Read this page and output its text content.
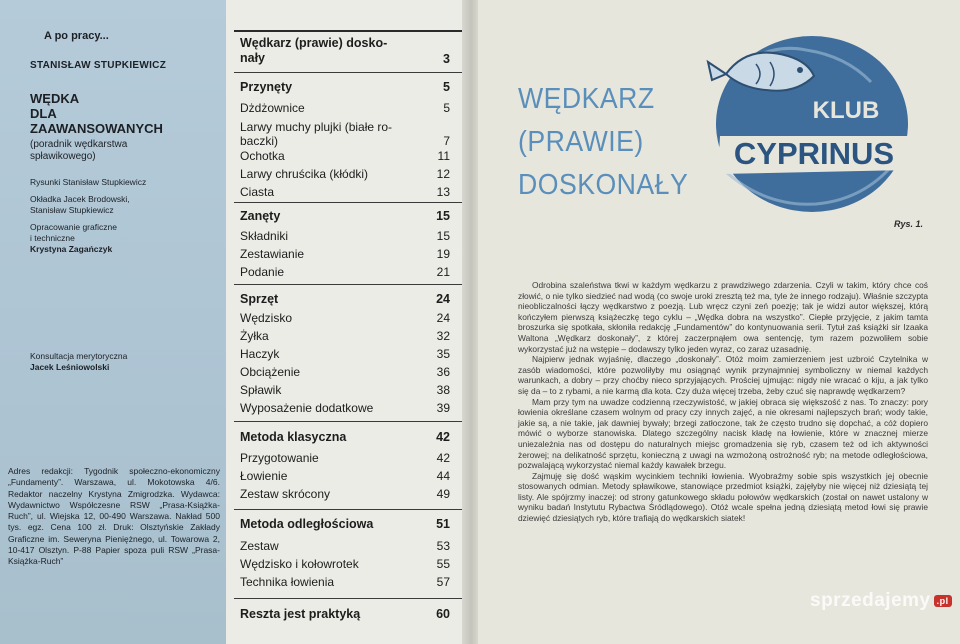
A po pracy...
STANISŁAW STUPKIEWICZ
WĘDKA
DLA
ZAAWANSOWANYCH
(poradnik wędkarstwa
spławikowego)
Rysunki Stanisław Stupkiewicz
Okładka Jacek Brodowski,
Stanisław Stupkiewicz
Opracowanie graficzne
i techniczne
Krystyna Zagańczyk
Konsultacja merytoryczna
Jacek Leśniowolski
Adres redakcji: Tygodnik społeczno-ekonomiczny „Fundamenty”. Warszawa, ul. Mokotowska 4/6. Redaktor naczelny Krystyna Zmigrodzka. Wydawca: Wydawnictwo Współczesne RSW „Prasa-Książka-Ruch”, ul. Wiejska 12, 00-490 Warszawa. Nakład 500 tys. egz. Cena 100 zł. Druk: Olsztyńskie Zakłady Graficzne im. Seweryna Pieniężnego, ul. Towarowa 2, 10-417 Olsztyn. P-88 Papier spoza puli RSW „Prasa-Książka-Ruch”
Wędkarz (prawie) dosko-
nały	3
Przynęty	5
Dżdżownice	5
Larwy muchy plujki (białe ro-
baczki)	7
Ochotka	11
Larwy chruścika (kłódki)	12
Ciasta	13
Zanęty	15
Składniki	15
Zestawianie	19
Podanie	21
Sprzęt	24
Wędzisko	24
Żyłka	32
Haczyk	35
Obciążenie	36
Spławik	38
Wyposażenie dodatkowe	39
Metoda klasyczna	42
Przygotowanie	42
Łowienie	44
Zestaw skrócony	49
Metoda odległościowa	51
Zestaw	53
Wędzisko i kołowrotek	55
Technika łowienia	57
Reszta jest praktyką	60
WĘDKARZ
(PRAWIE)
DOSKONAŁY
KLUB
CYPRINUS
Rys. 1.

Odrobina szaleństwa tkwi w każdym wędkarzu z prawdziwego zdarzenia. Czyli w takim, który chce coś złowić, o nie tylko siedzieć nad wodą (co swoje uroki zresztą też ma, tyle że innego rodzaju). Właśnie szczypta nieobliczalności łączy wędkarstwo z poezją. Lub wręcz czyni zeń poezję; tak je widzi autor większej, którą kończyłem pierwszą książeczkę tego cyklu – „Wędka dobra na wszystko”. Ciepłe przyjęcie, z jakim tamta broszurka się spotkała, skłoniła redakcję „Fundamentów” do kontynuowania serii. Tytuł zaś książki sir Izaaka Waltona „Wędkarz doskonały”, z której zaczerpnąłem owa sentencję, tym razem pozwoliłem sobie wykorzystać już na wstępie – dodawszy tylko jeden wyraz, co zaraz uzasadnię.

Najpierw jednak wyjaśnię, dlaczego „doskonały”. Otóż moim zamierzeniem jest uzbroić Czytelnika w zasób wiadomości, które pozwoliłyby mu osiągnąć wynik przynajmniej symboliczny w niemal każdych warunkach, a dobry – przy choćby nieco sprzyjających. Prościej ujmując: nigdy nie wracać o kiju, a jak tylko się da – to z rybami, a nie karmą dla kota. Czy duża więcej trzeba, żeby czuć się naprawdę wędkarzem?

Mam przy tym na uwadze codzienną rzeczywistość, w jakiej obraca się większość z nas. To znaczy: pory łowienia określane czasem wolnym od pracy czy innych zajęć, a nie okresami najlepszych brań; wody takie, jakie są, a nie takie, jak dawniej bywały; brzegi zatłoczone, tak że często trudno się dopchać, a cóż dopiero mówić o wyborze stanowiska. Dlatego szczególny nacisk kładę na łowienie, które w znacznej mierze uniezależnia nas od dostępu do naturalnych miejsc gromadzenia się ryb, czasem też od ich aktywności żerowej; na delikatność sprzętu, konieczną z uwagi na wzmożoną ostrożność ryb; na metode odległościowa, pozwalającą wykorzystać niemal każdy kawałek brzegu.

Zajmuję się dość wąskim wycinkiem techniki łowienia. Wyobraźmy sobie spis wszystkich jej obecnie stosowanych odmian. Metody spławikowe, stanowiące przedmiot książki, zajęłyby nie więcej niż dziesiątą tej listy. Ale spójrzmy inaczej: od strony gatunkowego składu połowów wędkarskich (został on nawet ustalony w wyniku badań Instytutu Rybactwa Śródlądowego). Otóż wcale spełna jedną dziesiątą metod łowi się prawie dziewięć dziesiątych ryb, które trafiają do wędkarskich siatek!

sprzedajemy .pl
